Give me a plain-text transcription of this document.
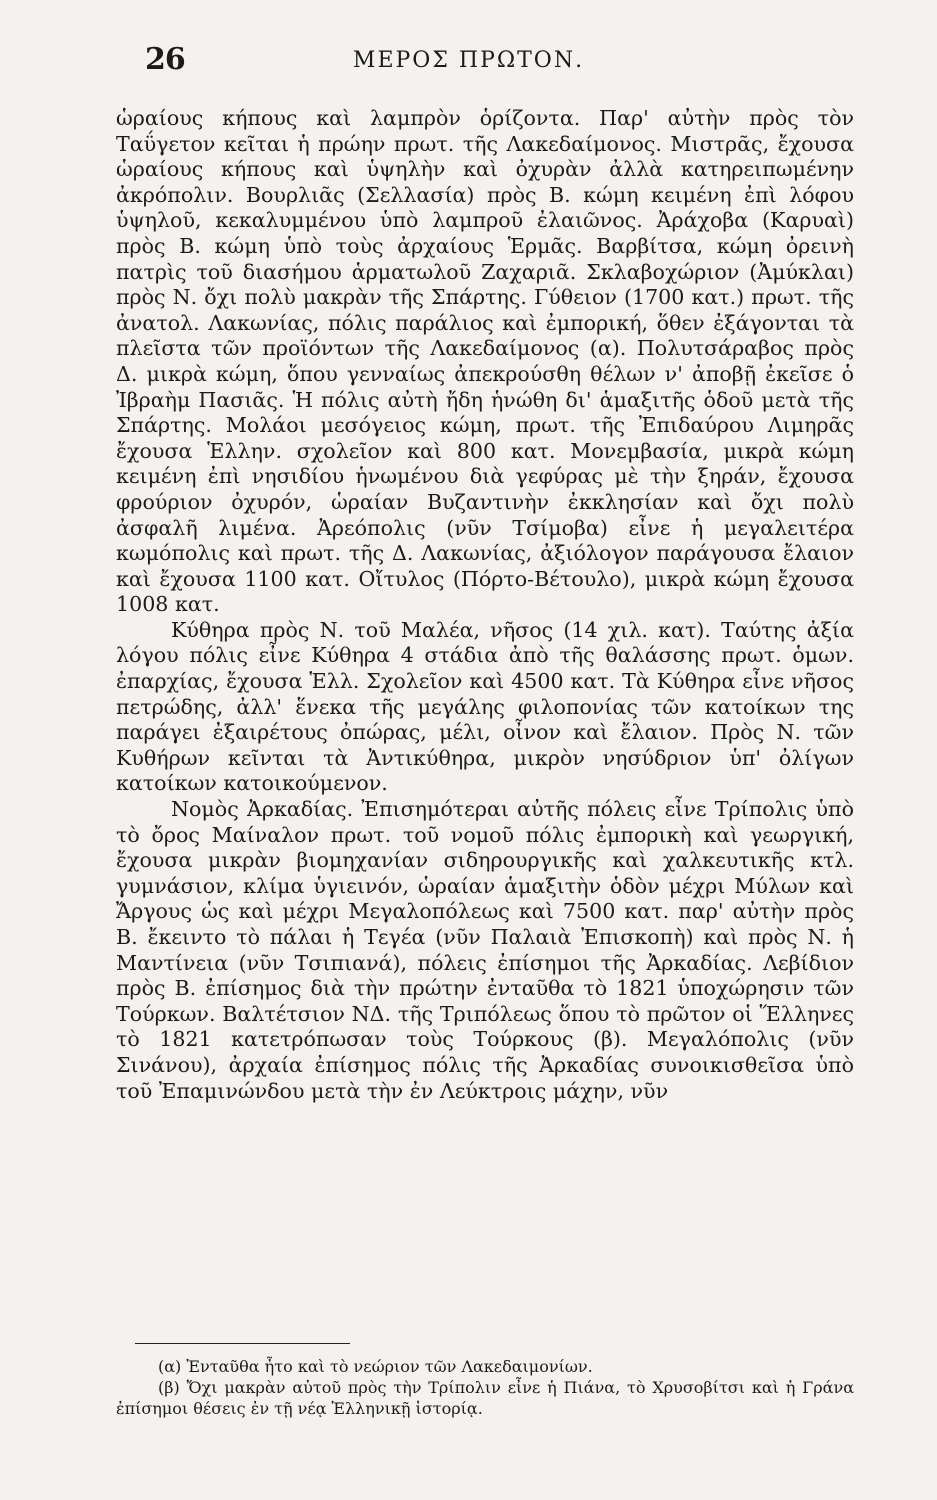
26	ΜΕΡΟΣ ΠΡΩΤΟΝ.

ὡραίους κήπους καὶ λαμπρὸν ὁρίζοντα. Παρ' αὐτὴν πρὸς τὸν Ταΰγετον κεῖται ἡ πρώην πρωτ. τῆς Λακεδαίμονος. Μιστρᾶς, ἔχουσα ὡραίους κήπους καὶ ὑψηλὴν καὶ ὀχυρὰν ἀλλὰ κατηρειπωμένην ἀκρόπολιν. Βουρλιᾶς (Σελλασία) πρὸς Β. κώμη κειμένη ἐπὶ λόφου ὑψηλοῦ, κεκαλυμμένου ὑπὸ λαμπροῦ ἐλαιῶνος. Ἀράχοβα (Καρυαὶ) πρὸς Β. κώμη ὑπὸ τοὺς ἀρχαίους Ἑρμᾶς. Βαρβίτσα, κώμη ὀρεινὴ πατρὶς τοῦ διασήμου ἁρματωλοῦ Ζαχαριᾶ. Σκλαβοχώριον (Ἀμύκλαι) πρὸς Ν. ὄχι πολὺ μακρὰν τῆς Σπάρτης. Γύθειον (1700 κατ.) πρωτ. τῆς ἀνατολ. Λακωνίας, πόλις παράλιος καὶ ἐμπορική, ὅθεν ἐξάγονται τὰ πλεῖστα τῶν προϊόντων τῆς Λακεδαίμονος (α). Πολυτσάραβος πρὸς Δ. μικρὰ κώμη, ὅπου γενναίως ἀπεκρούσθη θέλων ν' ἀποβῇ ἐκεῖσε ὁ Ἰβραὴμ Πασιᾶς. Ἡ πόλις αὐτὴ ἤδη ἡνώθη δι' ἁμαξιτῆς ὁδοῦ μετὰ τῆς Σπάρτης. Μολάοι μεσόγειος κώμη, πρωτ. τῆς Ἐπιδαύρου Λιμηρᾶς ἔχουσα Ἑλλην. σχολεῖον καὶ 800 κατ. Μονεμβασία, μικρὰ κώμη κειμένη ἐπὶ νησιδίου ἡνωμένου διὰ γεφύρας μὲ τὴν ξηράν, ἔχουσα φρούριον ὀχυρόν, ὡραίαν Βυζαντινὴν ἐκκλησίαν καὶ ὄχι πολὺ ἀσφαλῆ λιμένα. Ἀρεόπολις (νῦν Τσίμοβα) εἶνε ἡ μεγαλειτέρα κωμόπολις καὶ πρωτ. τῆς Δ. Λακωνίας, ἀξιόλογον παράγουσα ἔλαιον καὶ ἔχουσα 1100 κατ. Οἴτυλος (Πόρτο-Βέτουλο), μικρὰ κώμη ἔχουσα 1008 κατ.

Κύθηρα πρὸς Ν. τοῦ Μαλέα, νῆσος (14 χιλ. κατ). Ταύτης ἀξία λόγου πόλις εἶνε Κύθηρα 4 στάδια ἀπὸ τῆς θαλάσσης πρωτ. ὁμων. ἐπαρχίας, ἔχουσα Ἑλλ. Σχολεῖον καὶ 4500 κατ. Τὰ Κύθηρα εἶνε νῆσος πετρώδης, ἀλλ' ἕνεκα τῆς μεγάλης φιλοπονίας τῶν κατοίκων της παράγει ἐξαιρέτους ὀπώρας, μέλι, οἶνον καὶ ἔλαιον. Πρὸς Ν. τῶν Κυθήρων κεῖνται τὰ Ἀντικύθηρα, μικρὸν νησύδριον ὑπ' ὀλίγων κατοίκων κατοικούμενον.

Νομὸς Ἀρκαδίας. Ἐπισημότεραι αὐτῆς πόλεις εἶνε Τρίπολις ὑπὸ τὸ ὄρος Μαίναλον πρωτ. τοῦ νομοῦ πόλις ἐμπορικὴ καὶ γεωργική, ἔχουσα μικρὰν βιομηχανίαν σιδηρουργικῆς καὶ χαλκευτικῆς κτλ. γυμνάσιον, κλίμα ὑγιεινόν, ὡραίαν ἁμαξιτὴν ὁδὸν μέχρι Μύλων καὶ Ἄργους ὡς καὶ μέχρι Μεγαλοπόλεως καὶ 7500 κατ. παρ' αὐτὴν πρὸς Β. ἔκειντο τὸ πάλαι ἡ Τεγέα (νῦν Παλαιὰ Ἐπισκοπὴ) καὶ πρὸς Ν. ἡ Μαντίνεια (νῦν Τσιπιανά), πόλεις ἐπίσημοι τῆς Ἀρκαδίας. Λεβίδιον πρὸς Β. ἐπίσημος διὰ τὴν πρώτην ἐνταῦθα τὸ 1821 ὑποχώρησιν τῶν Τούρκων. Βαλτέτσιον ΝΔ. τῆς Τριπόλεως ὅπου τὸ πρῶτον οἱ Ἕλληνες τὸ 1821 κατετρόπωσαν τοὺς Τούρκους (β). Μεγαλόπολις (νῦν Σινάνου), ἀρχαία ἐπίσημος πόλις τῆς Ἀρκαδίας συνοικισθεῖσα ὑπὸ τοῦ Ἐπαμινώνδου μετὰ τὴν ἐν Λεύκτροις μάχην, νῦν

(α) Ἐνταῦθα ἦτο καὶ τὸ νεώριον τῶν Λακεδαιμονίων.

(β) Ὄχι μακρὰν αὐτοῦ πρὸς τὴν Τρίπολιν εἶνε ἡ Πιάνα, τὸ Χρυσοβίτσι καὶ ἡ Γράνα ἐπίσημοι θέσεις ἐν τῇ νέᾳ Ἑλληνικῇ ἱστορίᾳ.
